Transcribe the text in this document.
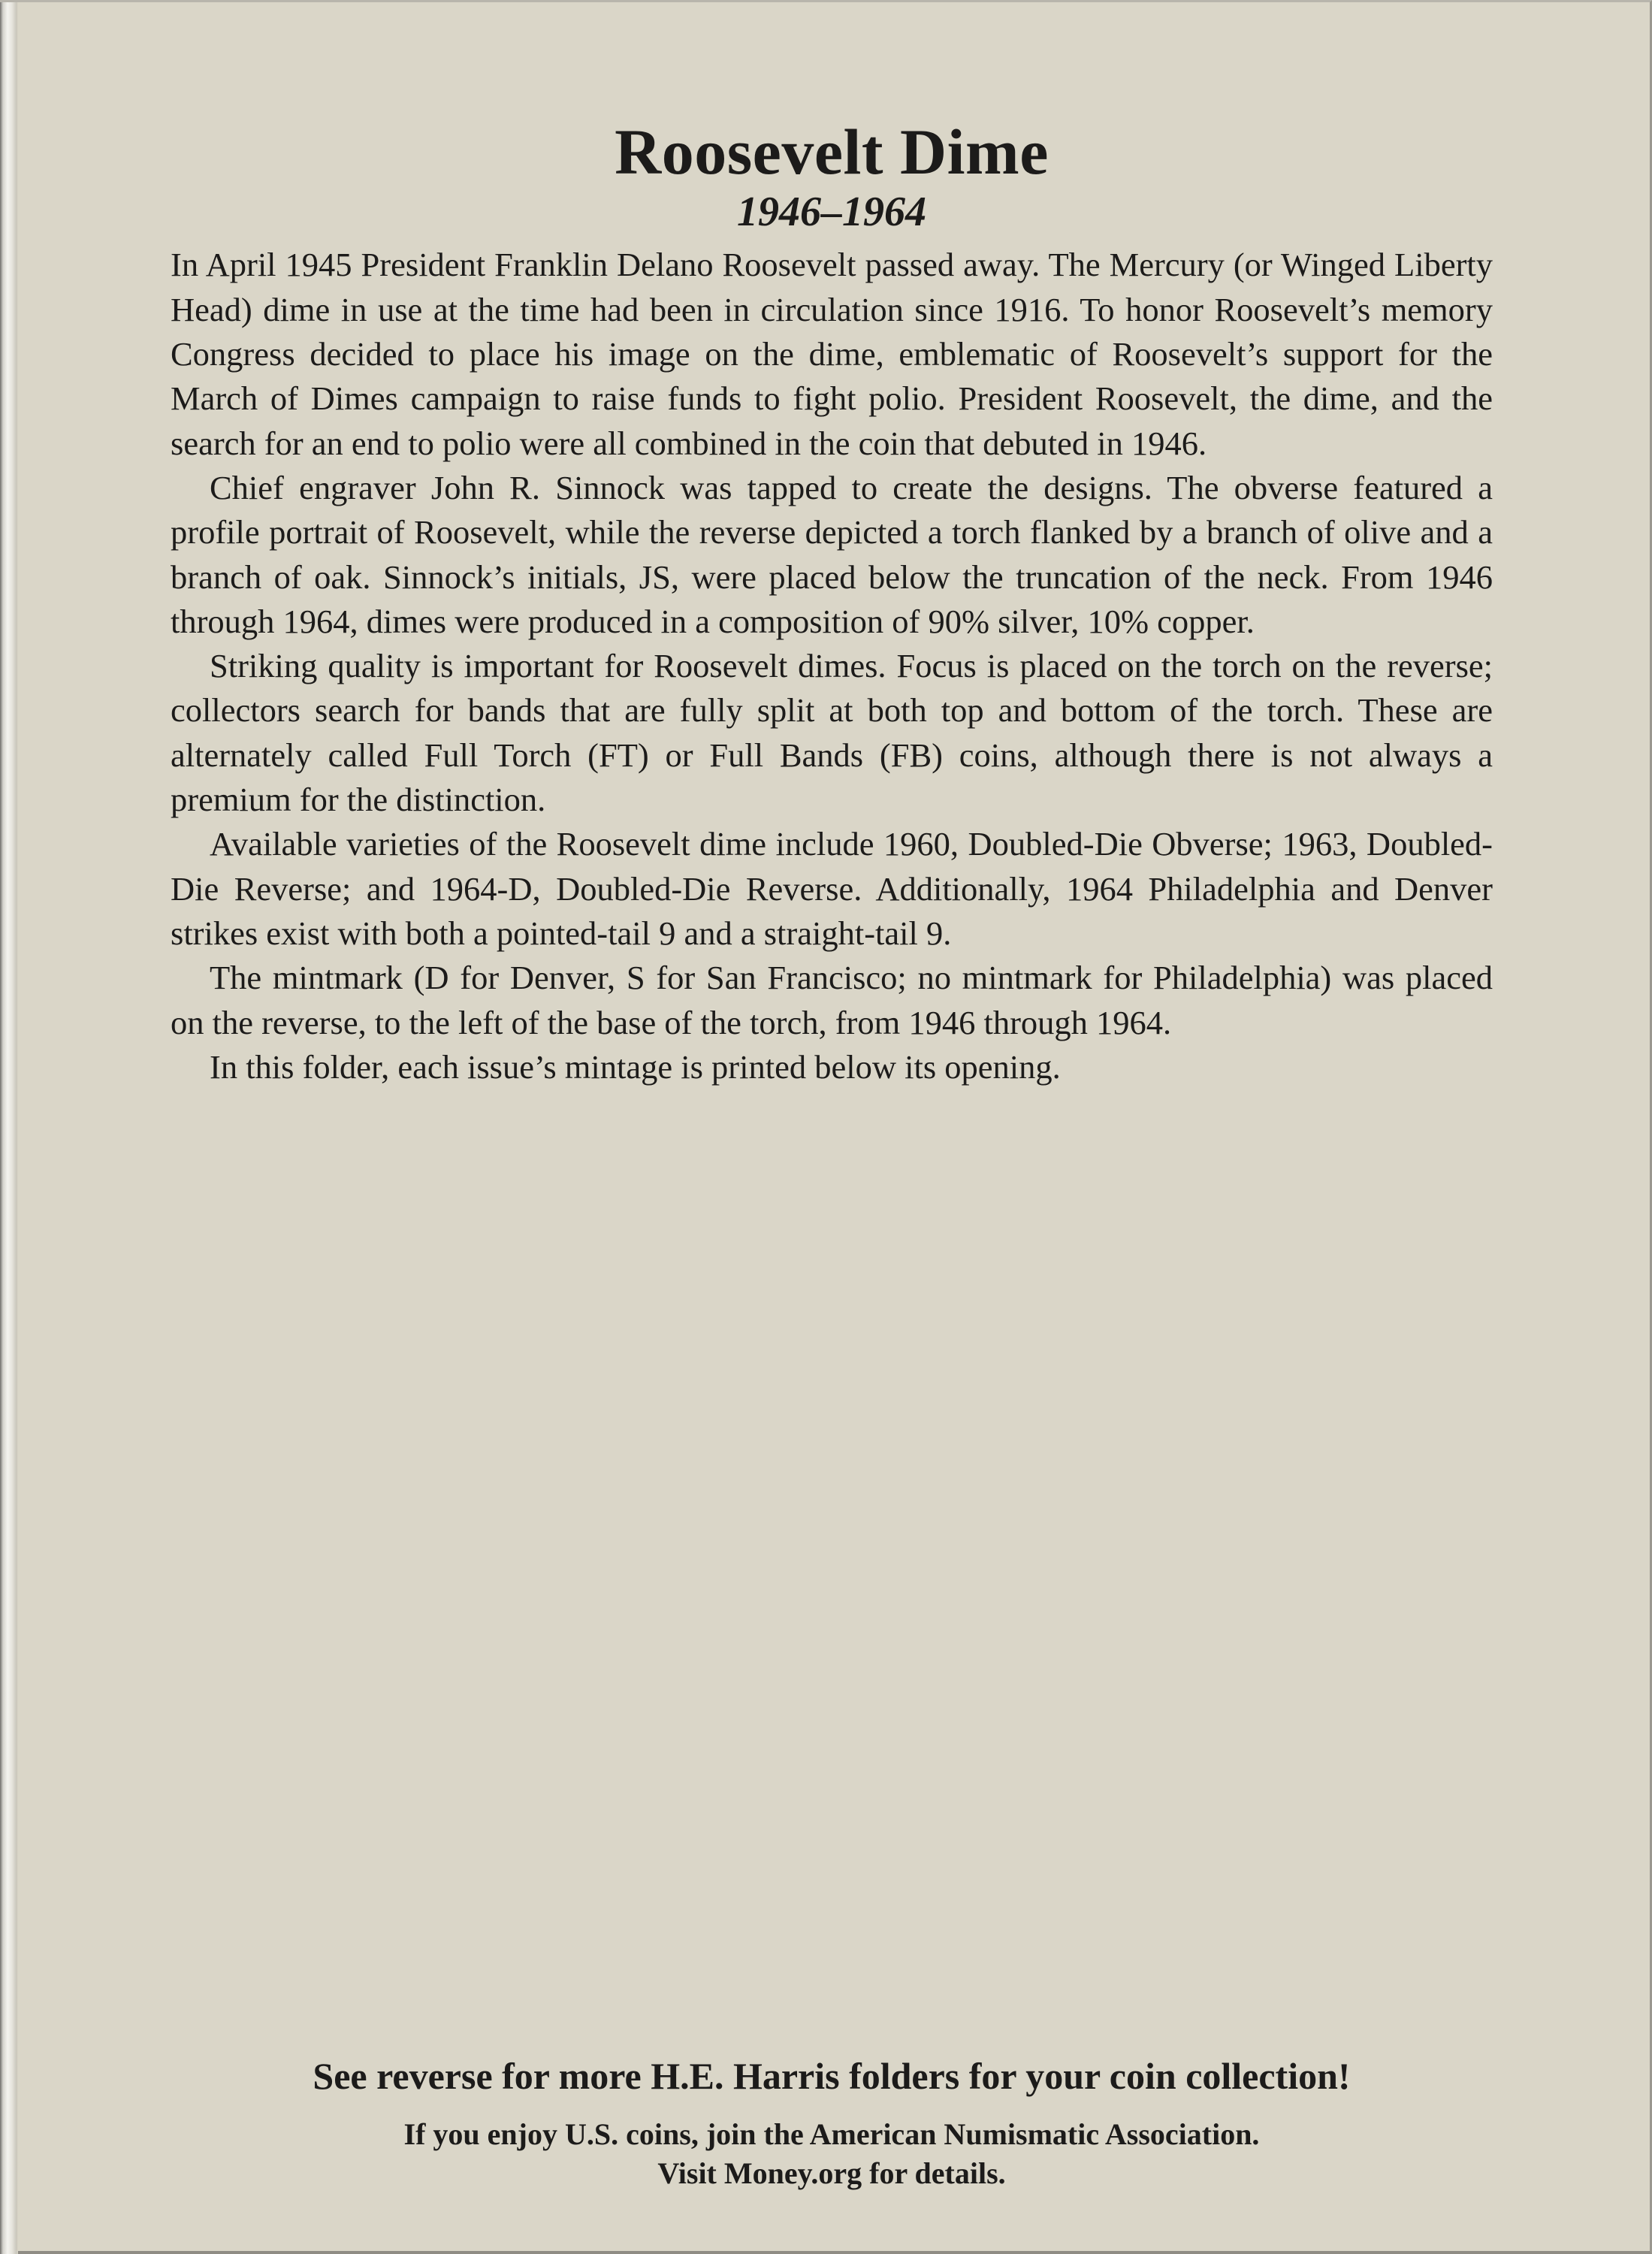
Roosevelt Dime
1946–1964

In April 1945 President Franklin Delano Roosevelt passed away. The Mercury (or Winged Liberty Head) dime in use at the time had been in circulation since 1916. To honor Roosevelt’s memory Congress decided to place his image on the dime, emblematic of Roosevelt’s support for the March of Dimes campaign to raise funds to fight polio. President Roosevelt, the dime, and the search for an end to polio were all combined in the coin that debuted in 1946.

Chief engraver John R. Sinnock was tapped to create the designs. The obverse featured a profile portrait of Roosevelt, while the reverse depicted a torch flanked by a branch of olive and a branch of oak. Sinnock’s initials, JS, were placed below the truncation of the neck. From 1946 through 1964, dimes were produced in a composition of 90% silver, 10% copper.

Striking quality is important for Roosevelt dimes. Focus is placed on the torch on the reverse; collectors search for bands that are fully split at both top and bottom of the torch. These are alternately called Full Torch (FT) or Full Bands (FB) coins, although there is not always a premium for the distinction.

Available varieties of the Roosevelt dime include 1960, Doubled-Die Obverse; 1963, Doubled-Die Reverse; and 1964-D, Doubled-Die Reverse. Additionally, 1964 Philadelphia and Denver strikes exist with both a pointed-tail 9 and a straight-tail 9.

The mintmark (D for Denver, S for San Francisco; no mintmark for Philadelphia) was placed on the reverse, to the left of the base of the torch, from 1946 through 1964.

In this folder, each issue’s mintage is printed below its opening.

See reverse for more H.E. Harris folders for your coin collection!

If you enjoy U.S. coins, join the American Numismatic Association.

Visit Money.org for details.
